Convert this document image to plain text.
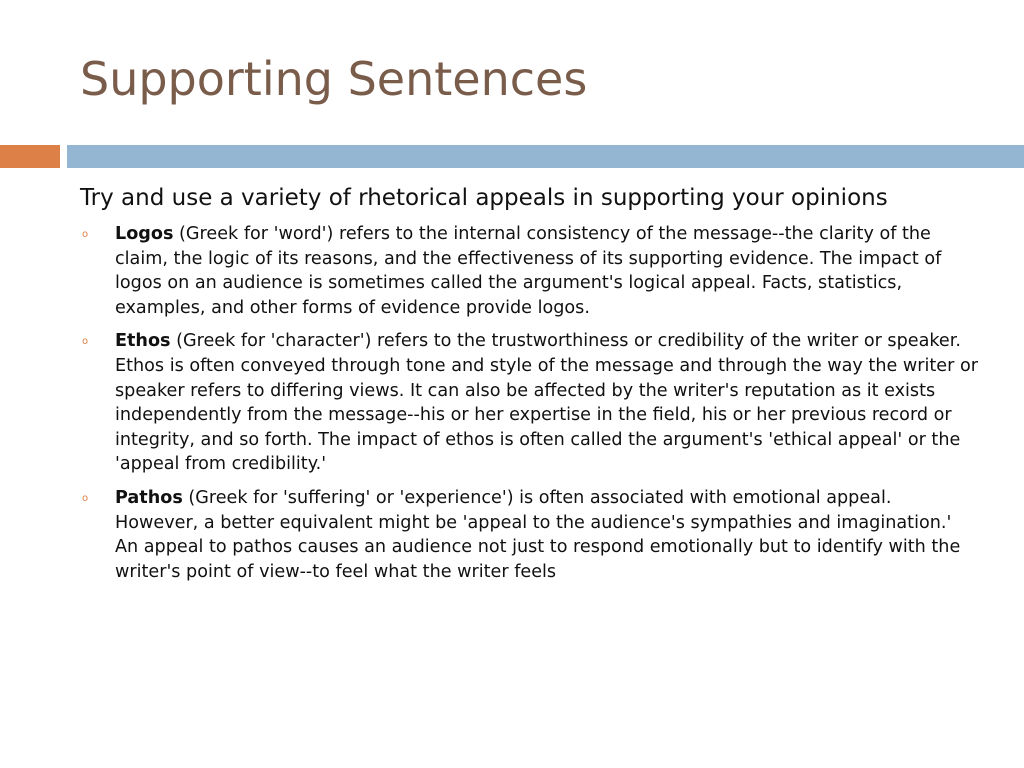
Supporting Sentences

Try and use a variety of rhetorical appeals in supporting your opinions

o Logos (Greek for 'word') refers to the internal consistency of the message--the clarity of the claim, the logic of its reasons, and the effectiveness of its supporting evidence. The impact of logos on an audience is sometimes called the argument's logical appeal. Facts, statistics, examples, and other forms of evidence provide logos.
o Ethos (Greek for 'character') refers to the trustworthiness or credibility of the writer or speaker. Ethos is often conveyed through tone and style of the message and through the way the writer or speaker refers to differing views. It can also be affected by the writer's reputation as it exists independently from the message--his or her expertise in the field, his or her previous record or integrity, and so forth. The impact of ethos is often called the argument's 'ethical appeal' or the 'appeal from credibility.'
o Pathos (Greek for 'suffering' or 'experience') is often associated with emotional appeal. However, a better equivalent might be 'appeal to the audience's sympathies and imagination.' An appeal to pathos causes an audience not just to respond emotionally but to identify with the writer's point of view--to feel what the writer feels
